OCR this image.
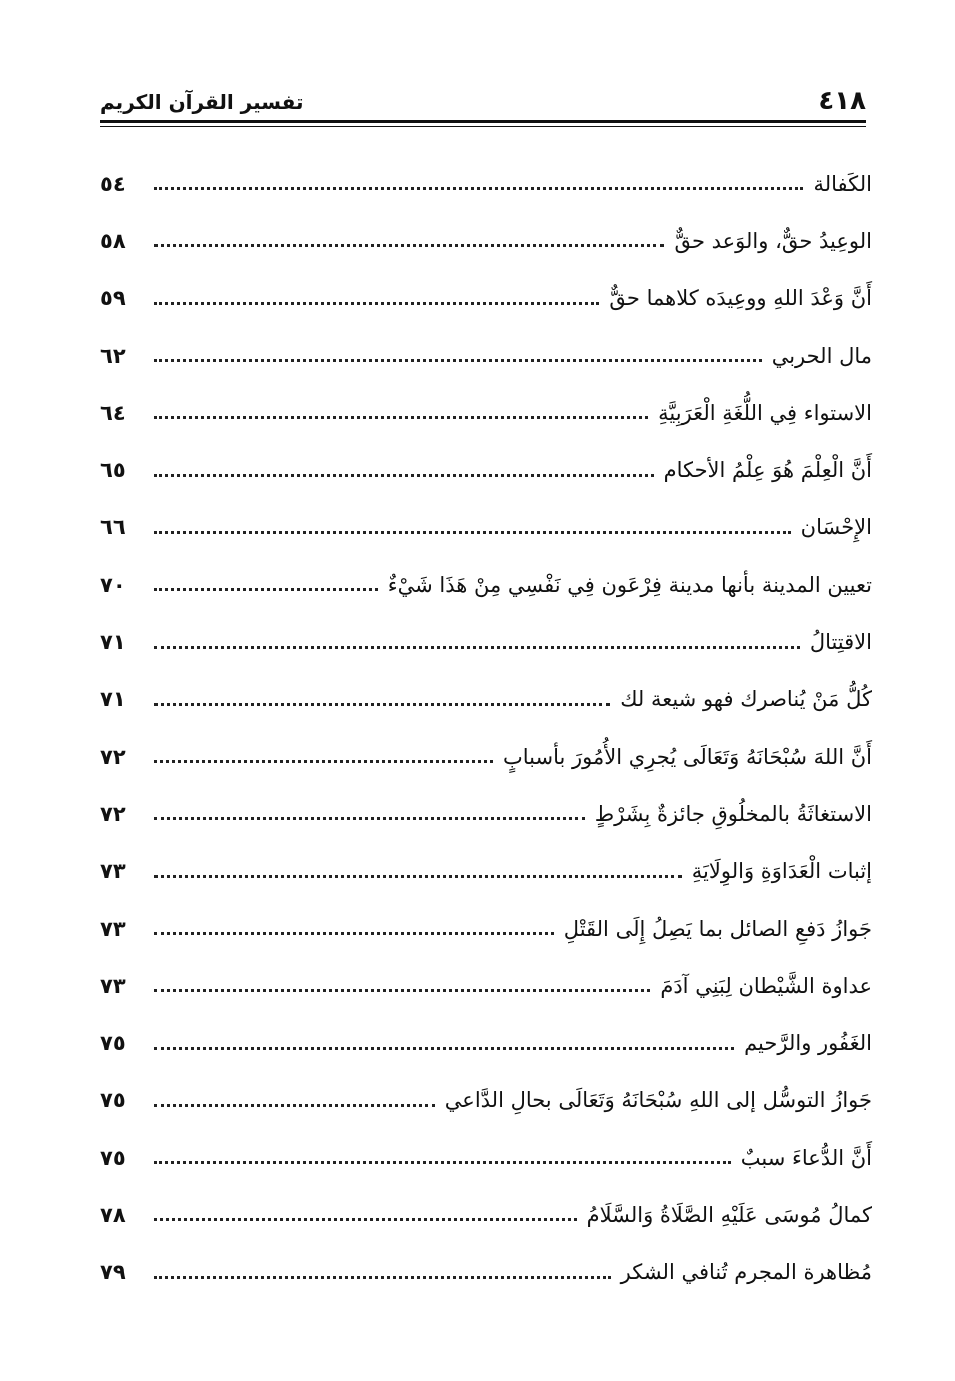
٤١٨
تفسير القرآن الكريم
الكَفالة
٥٤
الوعِيدُ حقٌّ، والوَعد حقٌّ
٥٨
أَنَّ وَعْدَ اللهِ ووعِيدَه كلاهما حقٌّ
٥٩
مال الحربي
٦٢
الاستواء فِي اللُّغَةِ الْعَرَبِيَّةِ
٦٤
أَنَّ الْعِلْمَ هُوَ عِلْمُ الأحكام
٦٥
الإِحْسَان
٦٦
تعيين المدينة بأنها مدينة فِرْعَون فِي نَفْسِي مِنْ هَذَا شَيْءٌ
٧٠
الاقتِتالُ
٧١
كُلُّ مَنْ يُناصرك فهو شيعة لك
٧١
أَنَّ اللهَ سُبْحَانَهُ وَتَعَالَى يُجرِي الأُمُورَ بأسبابٍ
٧٢
الاستغاثَةُ بالمخلُوقِ جائزةٌ بِشَرْطٍ
٧٢
إثبات الْعَدَاوَةِ وَالوِلَايَةِ
٧٣
جَوازُ دَفعِ الصائل بما يَصِلُ إِلَى القَتْلِ
٧٣
عداوة الشَّيْطان لِبَنِي آدَمَ
٧٣
الغَفُور والرَّحيم
٧٥
جَوازُ التوسُّل إلى اللهِ سُبْحَانَهُ وَتَعَالَى بحالِ الدَّاعي
٧٥
أَنَّ الدُّعاءَ سببٌ
٧٥
كمالُ مُوسَى عَلَيْهِ الصَّلَاةُ وَالسَّلَامُ
٧٨
مُظاهرة المجرم تُنافي الشكر
٧٩
